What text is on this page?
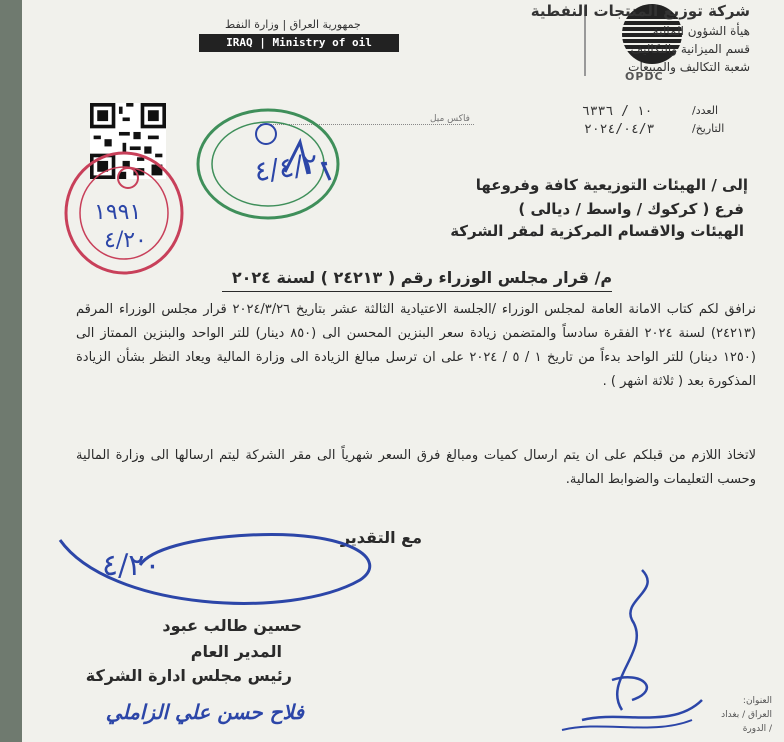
OPDC
شركة توزيع المنتجات النفطية
هيأة الشؤون المالية
قسم الميزانية والتكاليف
شعبة التكاليف والمبيعات
جمهورية العراق | وزارة النفط
IRAQ | Ministry of oil
فاكس ميل
العدد/
١٠ / ٦٣٣٦
التاريخ/
٢٠٢٤/٠٤/٣
٤/٤/٢٠
١٩٩١
٤/٢٠
إلى / الهيئات التوزيعية كافة وفروعها
فرع ( كركوك / واسط / ديالى )
الهيئات والاقسام المركزية لمقر الشركة
م/ قرار مجلس الوزراء رقم ( ٢٤٢١٣ ) لسنة ٢٠٢٤
نرافق لكم كتاب الامانة العامة لمجلس الوزراء /الجلسة الاعتيادية الثالثة عشر بتاريخ ٢٠٢٤/٣/٢٦ قرار مجلس الوزراء المرقم (٢٤٢١٣) لسنة ٢٠٢٤ الفقرة سادساً والمتضمن زيادة سعر البنزين المحسن الى (٨٥٠ دينار) للتر الواحد والبنزين الممتاز الى (١٢٥٠ دينار) للتر الواحد بدءاً من تاريخ ١ / ٥ / ٢٠٢٤ على ان ترسل مبالغ الزيادة الى وزارة المالية ويعاد النظر بشأن الزيادة المذكورة بعد ( ثلاثة اشهر ) .
لاتخاذ اللازم من قبلكم على ان يتم ارسال كميات ومبالغ فرق السعر شهرياً الى مقر الشركة ليتم ارسالها الى وزارة المالية وحسب التعليمات والضوابط المالية.
مع التقدير
٤/٢٠
حسين طالب عبود
المدير العام
رئيس مجلس ادارة الشركة
فلاح حسن علي الزاملي	العنوان:
العراق / بغداد
/ الدورة
